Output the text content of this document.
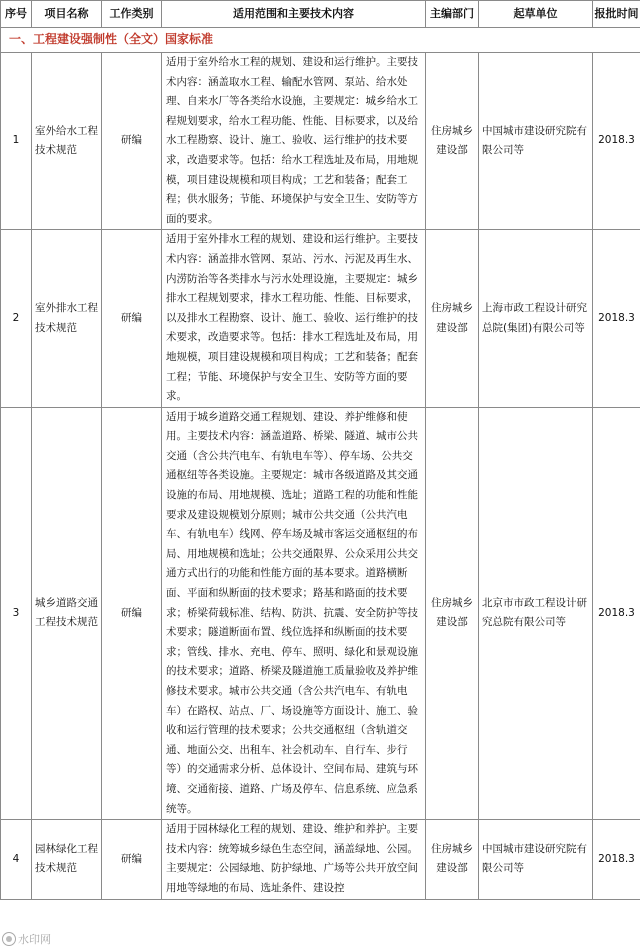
序号	项目名称	工作类别	适用范围和主要技术内容	主编部门	起草单位	报批时间
一、工程建设强制性（全文）国家标准						
1	室外给水工程技术规范	研编	适用于室外给水工程的规划、建设和运行维护。主要技术内容：涵盖取水工程、输配水管网、泵站、给水处理、自来水厂等各类给水设施，主要规定：城乡给水工程规划要求，给水工程功能、性能、目标要求，以及给水工程勘察、设计、施工、验收、运行维护的技术要求，改造要求等。包括：给水工程选址及布局，用地规模，项目建设规模和项目构成；工艺和装备；配套工程；供水服务；节能、环境保护与安全卫生、安防等方面的要求。	住房城乡建设部	中国城市建设研究院有限公司等	2018.3
2	室外排水工程技术规范	研编	适用于室外排水工程的规划、建设和运行维护。主要技术内容：涵盖排水管网、泵站、污水、污泥及再生水、内涝防治等各类排水与污水处理设施，主要规定：城乡排水工程规划要求，排水工程功能、性能、目标要求，以及排水工程勘察、设计、施工、验收、运行维护的技术要求，改造要求等。包括：排水工程选址及布局，用地规模，项目建设规模和项目构成；工艺和装备；配套工程；节能、环境保护与安全卫生、安防等方面的要求。	住房城乡建设部	上海市政工程设计研究总院(集团)有限公司等	2018.3
3	城乡道路交通工程技术规范	研编	适用于城乡道路交通工程规划、建设、养护维修和使用。主要技术内容：涵盖道路、桥梁、隧道、城市公共交通（含公共汽电车、有轨电车等）、停车场、公共交通枢纽等各类设施。主要规定：城市各级道路及其交通设施的布局、用地规模、选址；道路工程的功能和性能要求及建设规模划分原则；城市公共交通（公共汽电车、有轨电车）线网、停车场及城市客运交通枢纽的布局、用地规模和选址；公共交通限界、公众采用公共交通方式出行的功能和性能方面的基本要求。道路横断面、平面和纵断面的技术要求；路基和路面的技术要求；桥梁荷载标准、结构、防洪、抗震、安全防护等技术要求；隧道断面布置、线位选择和纵断面的技术要求；管线、排水、充电、停车、照明、绿化和景观设施的技术要求；道路、桥梁及隧道施工质量验收及养护维修技术要求。城市公共交通（含公共汽电车、有轨电车）在路权、站点、厂、场设施等方面设计、施工、验收和运行管理的技术要求；公共交通枢纽（含轨道交通、地面公交、出租车、社会机动车、自行车、步行等）的交通需求分析、总体设计、空间布局、建筑与环境、交通衔接、道路、广场及停车、信息系统、应急系统等。	住房城乡建设部	北京市市政工程设计研究总院有限公司等	2018.3
4	园林绿化工程技术规范	研编	适用于园林绿化工程的规划、建设、维护和养护。主要技术内容：统筹城乡绿色生态空间，涵盖绿地、公园。主要规定：公园绿地、防护绿地、广场等公共开放空间用地等绿地的布局、选址条件、建设控	住房城乡建设部	中国城市建设研究院有限公司等	2018.3
水印网
